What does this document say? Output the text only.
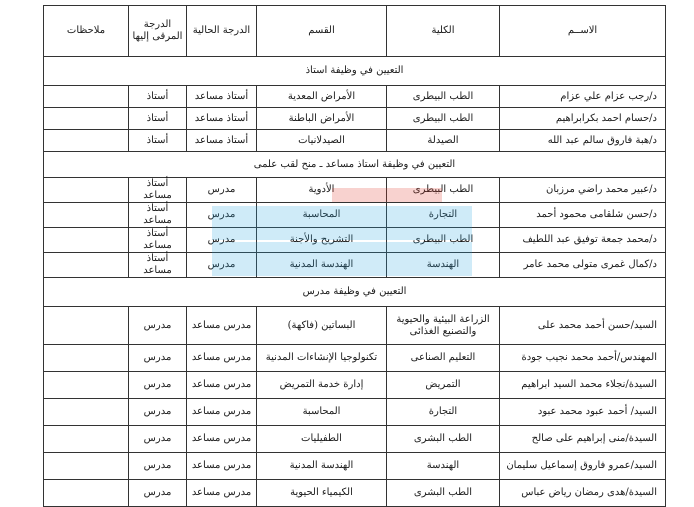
الاســم	الكلية	القسم	الدرجة الحالية	الدرجة المرقى إليها	ملاحظات
التعيين في وظيفة استاذ					
د/رجب عزام علي عزام	الطب البيطرى	الأمراض المعدية	أستاذ مساعد	أستاذ	
د/حسام احمد بكرابراهيم	الطب البيطرى	الأمراض الباطنة	أستاذ مساعد	أستاذ	
د/هبة فاروق سالم عبد الله	الصيدلة	الصيدلانيات	أستاذ مساعد	أستاذ	
التعيين في وظيفة استاذ مساعد ـ منح لقب علمى					
د/عبير محمد راضي مرزبان	الطب البيطرى	الأدوية	مدرس	أستاذ مساعد	
د/حسن شلقامى محمود أحمد	التجارة	المحاسبة	مدرس	أستاذ مساعد	
د/محمد جمعة توفيق عبد اللطيف	الطب البيطرى	التشريح والأجنة	مدرس	أستاذ مساعد	
د/كمال غمرى متولى محمد عامر	الهندسة	الهندسة المدنية	مدرس	أستاذ مساعد	
التعيين في وظيفة مدرس					
السيد/حسن أحمد محمد على	الزراعة البيئية والحيوية والتصنيع الغذائى	البساتين (فاكهة)	مدرس مساعد	مدرس	
المهندس/أحمد محمد نجيب جودة	التعليم الصناعى	تكنولوجيا الإنشاءات المدنية	مدرس مساعد	مدرس	
السيدة/نجلاء محمد السيد ابراهيم	التمريض	إدارة خدمة التمريض	مدرس مساعد	مدرس	
السيد/ أحمد عبود محمد عبود	التجارة	المحاسبة	مدرس مساعد	مدرس	
السيدة/منى إبراهيم على صالح	الطب البشرى	الطفيليات	مدرس مساعد	مدرس	
السيد/عمرو فاروق إسماعيل سليمان	الهندسة	الهندسة المدنية	مدرس مساعد	مدرس	
السيدة/هدى رمضان رياض عباس	الطب البشرى	الكيمياء الحيوية	مدرس مساعد	مدرس	
